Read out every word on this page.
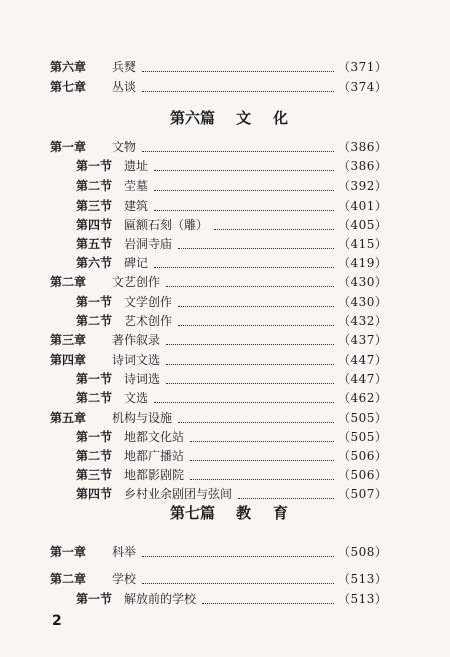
第六章 兵燹	（371）
第七章 丛谈	（374）
第六篇 文化
第一章 文物	（386）
第一节 遗址	（386）
第二节 茔墓	（392）
第三节 建筑	（401）
第四节 匾额石刻（雕）	（405）
第五节 岩洞寺庙	（415）
第六节 碑记	（419）
第二章 文艺创作	（430）
第一节 文学创作	（430）
第二节 艺术创作	（432）
第三章 著作叙录	（437）
第四章 诗词文选	（447）
第一节 诗词选	（447）
第二节 文选	（462）
第五章 机构与设施	（505）
第一节 地都文化站	（505）
第二节 地都广播站	（506）
第三节 地都影剧院	（506）
第四节 乡村业余剧团与弦间	（507）
第七篇 教育
第一章 科举	（508）
第二章 学校	（513）
第一节 解放前的学校	（513）
2
